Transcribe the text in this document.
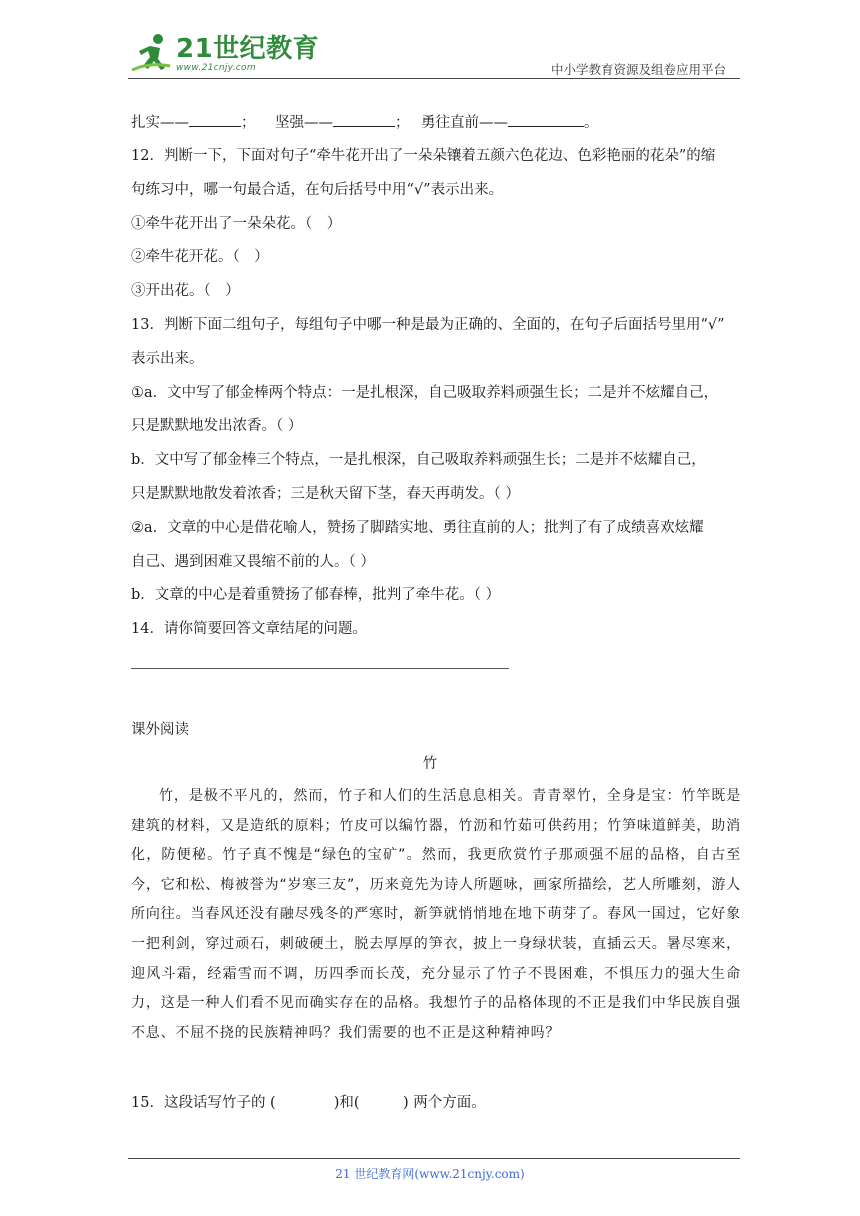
21世纪教育
www.21cnjy.com	中小学教育资源及组卷应用平台
扎实——	； 坚强——	； 勇往直前——	。
12．判断一下，下面对句子“牵牛花开出了一朵朵镶着五颜六色花边、色彩艳丽的花朵”的缩
句练习中，哪一句最合适，在句后括号中用“√”表示出来。
①牵牛花开出了一朵朵花。（　）
②牵牛花开花。（　）
③开出花。（　）
13．判断下面二组句子，每组句子中哪一种是最为正确的、全面的，在句子后面括号里用“√”
表示出来。
①a．文中写了郁金棒两个特点：一是扎根深，自己吸取养料顽强生长；二是并不炫耀自己，
只是默默地发出浓香。（ ）
b．文中写了郁金棒三个特点，一是扎根深，自己吸取养料顽强生长；二是并不炫耀自己，
只是默默地散发着浓香；三是秋天留下茎，春天再萌发。（ ）
②a．文章的中心是借花喻人，赞扬了脚踏实地、勇往直前的人；批判了有了成绩喜欢炫耀
自己、遇到困难又畏缩不前的人。（ ）
b．文章的中心是着重赞扬了郁春棒，批判了牵牛花。（ ）
14．请你简要回答文章结尾的问题。
课外阅读
竹

竹，是极不平凡的，然而，竹子和人们的生活息息相关。青青翠竹，全身是宝：竹竿既是建筑的材料，又是造纸的原料；竹皮可以编竹器，竹沥和竹茹可供药用；竹笋味道鲜美，助消化，防便秘。竹子真不愧是“绿色的宝矿”。然而，我更欣赏竹子那顽强不屈的品格，自古至今，它和松、梅被誉为“岁寒三友”，历来竟先为诗人所题咏，画家所描绘，艺人所雕刻，游人所向往。当春风还没有融尽残冬的严寒时，新笋就悄悄地在地下萌芽了。春风一国过，它好象一把利剑，穿过顽石，刺破硬土，脱去厚厚的笋衣，披上一身绿状装，直插云天。暑尽寒来，迎风斗霜，经霜雪而不调，历四季而长茂，充分显示了竹子不畏困难，不惧压力的强大生命力，这是一种人们看不见而确实存在的品格。我想竹子的品格体现的不正是我们中华民族自强不息、不屈不挠的民族精神吗？我们需要的也不正是这种精神吗？

15．这段话写竹子的 (　　　　)和(　　　) 两个方面。
21 世纪教育网(www.21cnjy.com)
